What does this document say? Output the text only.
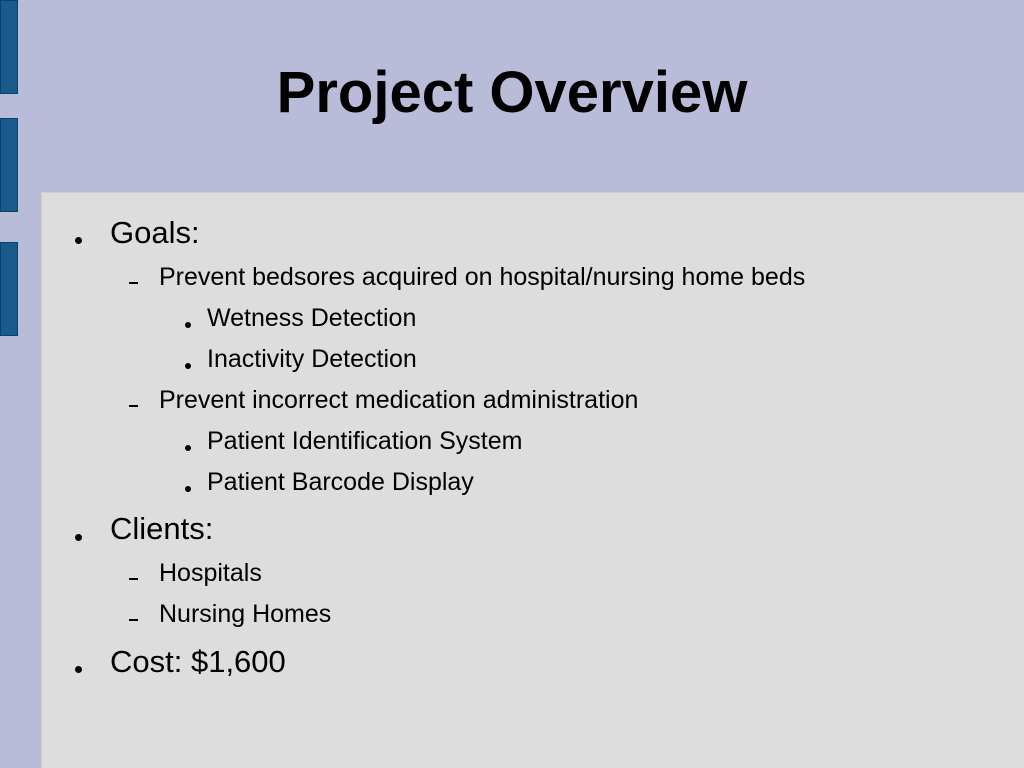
Project Overview
Goals:
Prevent bedsores acquired on hospital/nursing home beds
Wetness Detection
Inactivity Detection
Prevent incorrect medication administration
Patient Identification System
Patient Barcode Display
Clients:
Hospitals
Nursing Homes
Cost: $1,600
